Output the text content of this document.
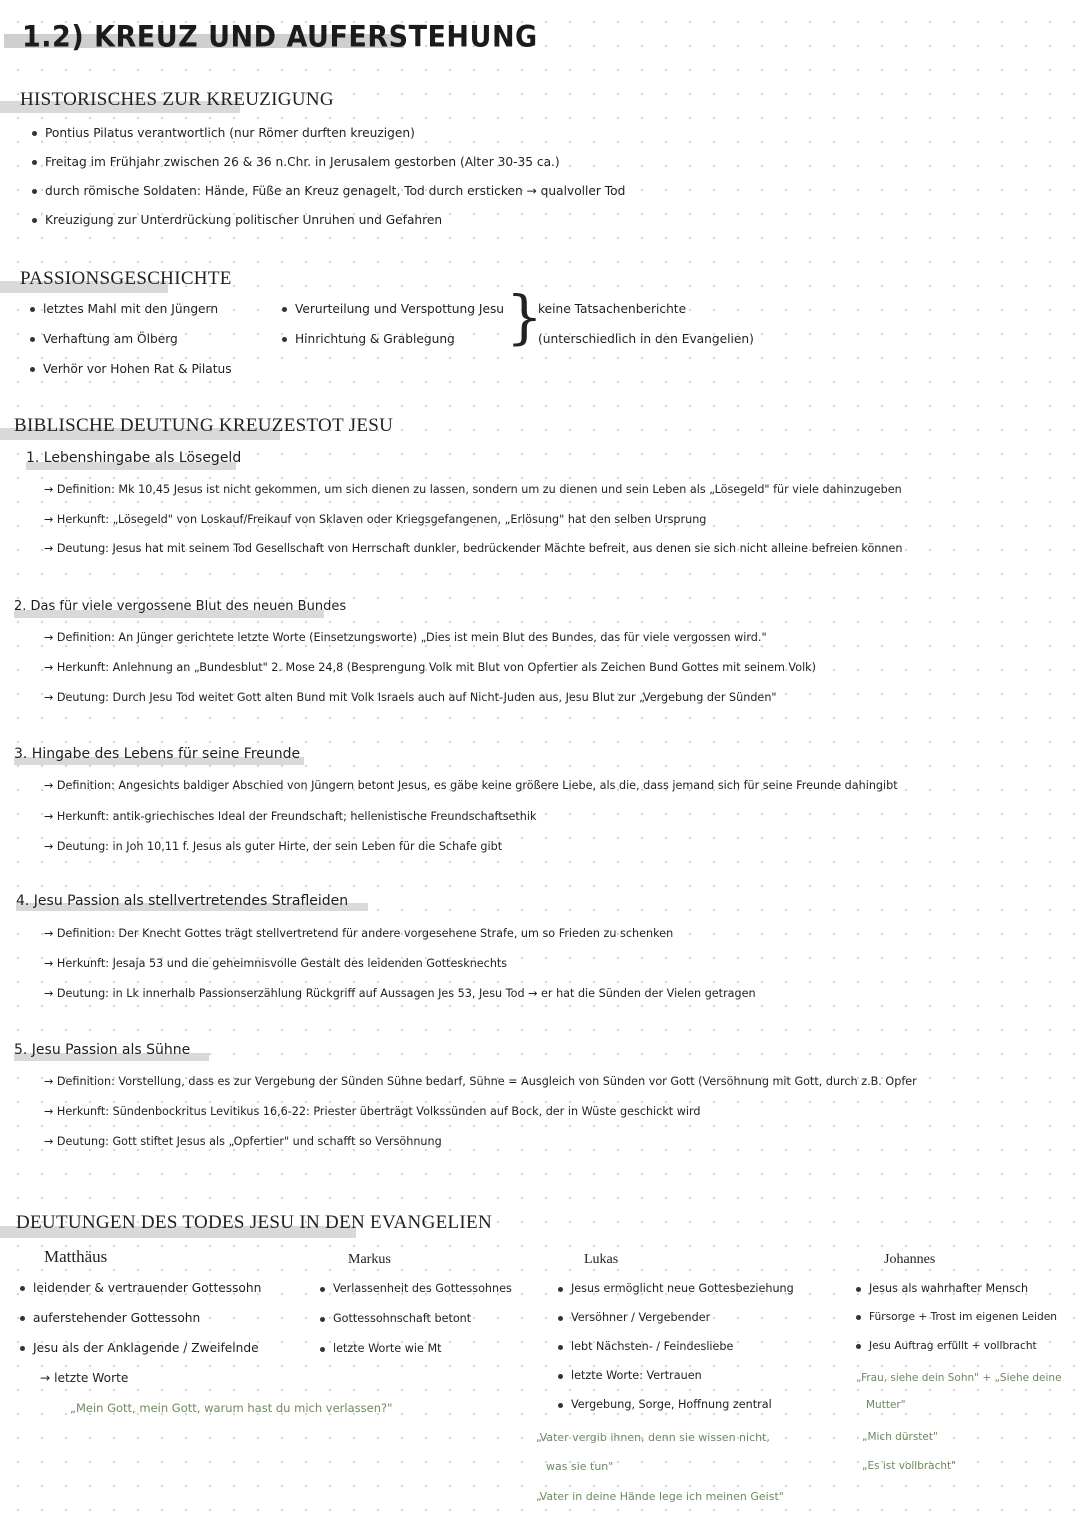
1.2) KREUZ UND AUFERSTEHUNG
HISTORISCHES ZUR KREUZIGUNG
Pontius Pilatus verantwortlich (nur Römer durften kreuzigen)
Freitag im Frühjahr zwischen 26 & 36 n.Chr. in Jerusalem gestorben (Alter 30-35 ca.)
durch römische Soldaten: Hände, Füße an Kreuz genagelt, Tod durch ersticken → qualvoller Tod
Kreuzigung zur Unterdrückung politischer Unruhen und Gefahren
PASSIONSGESCHICHTE
letztes Mahl mit den Jüngern
Verhaftung am Ölberg
Verhör vor Hohen Rat & Pilatus
Verurteilung und Verspottung Jesu
Hinrichtung & Grablegung }
keine Tatsachenberichte
(unterschiedlich in den Evangelien)
BIBLISCHE DEUTUNG KREUZESTOT JESU
1. Lebenshingabe als Lösegeld
→ Definition: Mk 10,45 Jesus ist nicht gekommen, um sich dienen zu lassen, sondern um zu dienen und sein Leben als „Lösegeld" für viele dahinzugeben
→ Herkunft: „Lösegeld" von Loskauf/Freikauf von Sklaven oder Kriegsgefangenen, „Erlösung" hat den selben Ursprung
→ Deutung: Jesus hat mit seinem Tod Gesellschaft von Herrschaft dunkler, bedrückender Mächte befreit, aus denen sie sich nicht alleine befreien können
2. Das für viele vergossene Blut des neuen Bundes
→ Definition: An Jünger gerichtete letzte Worte (Einsetzungsworte) „Dies ist mein Blut des Bundes, das für viele vergossen wird."
→ Herkunft: Anlehnung an „Bundesblut" 2. Mose 24,8 (Besprengung Volk mit Blut von Opfertier als Zeichen Bund Gottes mit seinem Volk)
→ Deutung: Durch Jesu Tod weitet Gott alten Bund mit Volk Israels auch auf Nicht-Juden aus, Jesu Blut zur „Vergebung der Sünden"
3. Hingabe des Lebens für seine Freunde
→ Definition: Angesichts baldiger Abschied von Jüngern betont Jesus, es gäbe keine größere Liebe, als die, dass jemand sich für seine Freunde dahingibt
→ Herkunft: antik-griechisches Ideal der Freundschaft; hellenistische Freundschaftsethik
→ Deutung: in Joh 10,11 f. Jesus als guter Hirte, der sein Leben für die Schafe gibt
4. Jesu Passion als stellvertretendes Strafleiden
→ Definition: Der Knecht Gottes trägt stellvertretend für andere vorgesehene Strafe, um so Frieden zu schenken
→ Herkunft: Jesaja 53 und die geheimnisvolle Gestalt des leidenden Gottesknechts
→ Deutung: in Lk innerhalb Passionserzählung Rückgriff auf Aussagen Jes 53, Jesu Tod → er hat die Sünden der Vielen getragen
5. Jesu Passion als Sühne
→ Definition: Vorstellung, dass es zur Vergebung der Sünden Sühne bedarf, Sühne = Ausgleich von Sünden vor Gott (Versöhnung mit Gott, durch z.B. Opfer
→ Herkunft: Sündenbockritus Levitikus 16,6-22: Priester überträgt Volkssünden auf Bock, der in Wüste geschickt wird
→ Deutung: Gott stiftet Jesus als „Opfertier" und schafft so Versöhnung
DEUTUNGEN DES TODES JESU IN DEN EVANGELIEN
Matthäus
leidender & vertrauender Gottessohn
auferstehender Gottessohn
Jesu als der Anklagende / Zweifelnde
→ letzte Worte
„Mein Gott, mein Gott, warum hast du mich verlassen?"
Markus
Verlassenheit des Gottessohnes
Gottessohnschaft betont
letzte Worte wie Mt
Lukas
Jesus ermöglicht neue Gottesbeziehung
Versöhner / Vergebender
lebt Nächsten- / Feindesliebe
letzte Worte: Vertrauen
Vergebung, Sorge, Hoffnung zentral
„Vater vergib ihnen, denn sie wissen nicht,
was sie tun"
„Vater in deine Hände lege ich meinen Geist"
Johannes
Jesus als wahrhafter Mensch
Fürsorge + Trost im eigenen Leiden
Jesu Auftrag erfüllt + vollbracht
„Frau, siehe dein Sohn" + „Siehe deine
Mutter"
„Mich dürstet"
„Es ist vollbracht"
